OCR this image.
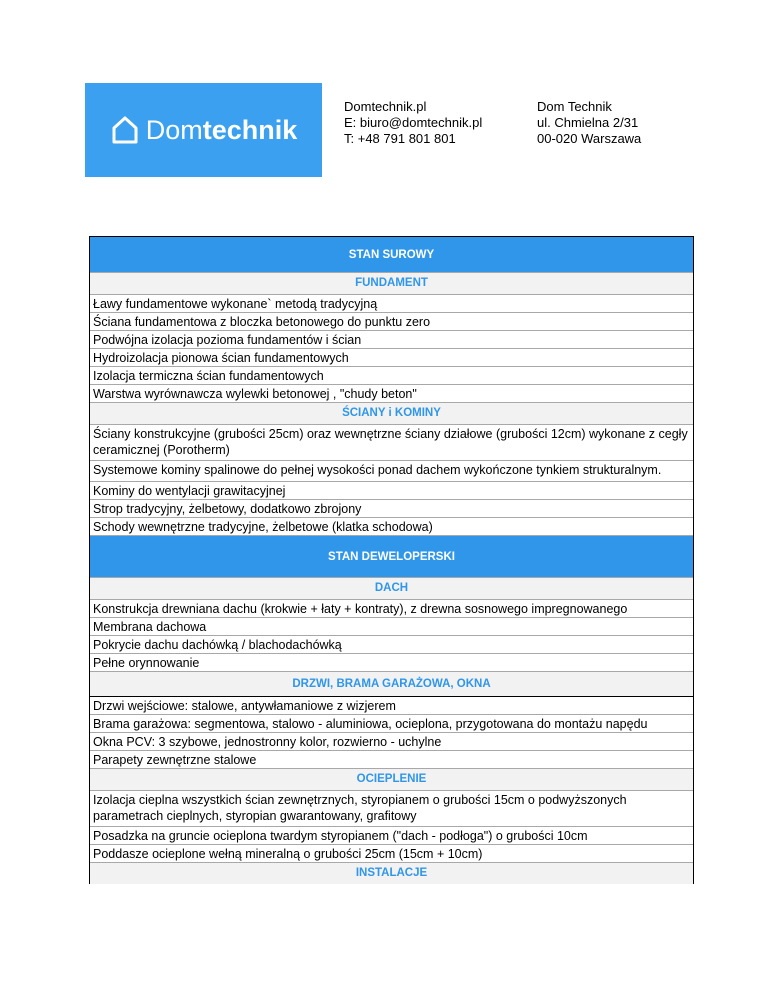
Domtechnik
Domtechnik.pl
E: biuro@domtechnik.pl
T: +48 791 801 801
Dom Technik
ul. Chmielna 2/31
00-020 Warszawa
STAN SUROWY
FUNDAMENT
Ławy fundamentowe wykonane` metodą tradycyjną
Ściana fundamentowa z bloczka betonowego do punktu zero
Podwójna izolacja pozioma fundamentów i ścian
Hydroizolacja pionowa ścian fundamentowych
Izolacja termiczna ścian fundamentowych
Warstwa wyrównawcza wylewki betonowej , "chudy beton"
ŚCIANY i KOMINY
Ściany konstrukcyjne (grubości 25cm) oraz wewnętrzne ściany działowe (grubości 12cm) wykonane z cegły ceramicznej (Porotherm)
Systemowe kominy spalinowe do pełnej wysokości ponad dachem wykończone tynkiem strukturalnym.
Kominy do wentylacji grawitacyjnej
Strop tradycyjny, żelbetowy, dodatkowo zbrojony
Schody wewnętrzne tradycyjne, żelbetowe (klatka schodowa)
STAN DEWELOPERSKI
DACH
Konstrukcja drewniana dachu (krokwie + łaty + kontraty), z drewna sosnowego impregnowanego
Membrana dachowa
Pokrycie dachu dachówką / blachodachówką
Pełne orynnowanie
DRZWI, BRAMA GARAŻOWA, OKNA
Drzwi wejściowe: stalowe, antywłamaniowe z wizjerem
Brama garażowa: segmentowa, stalowo - aluminiowa, ocieplona, przygotowana do montażu napędu
Okna PCV: 3 szybowe, jednostronny kolor, rozwierno - uchylne
Parapety zewnętrzne stalowe
OCIEPLENIE
Izolacja cieplna wszystkich ścian zewnętrznych, styropianem o grubości 15cm o podwyższonych parametrach cieplnych, styropian gwarantowany, grafitowy
Posadzka na gruncie ocieplona twardym styropianem ("dach - podłoga") o grubości 10cm
Poddasze ocieplone wełną mineralną o grubości 25cm (15cm + 10cm)
INSTALACJE
